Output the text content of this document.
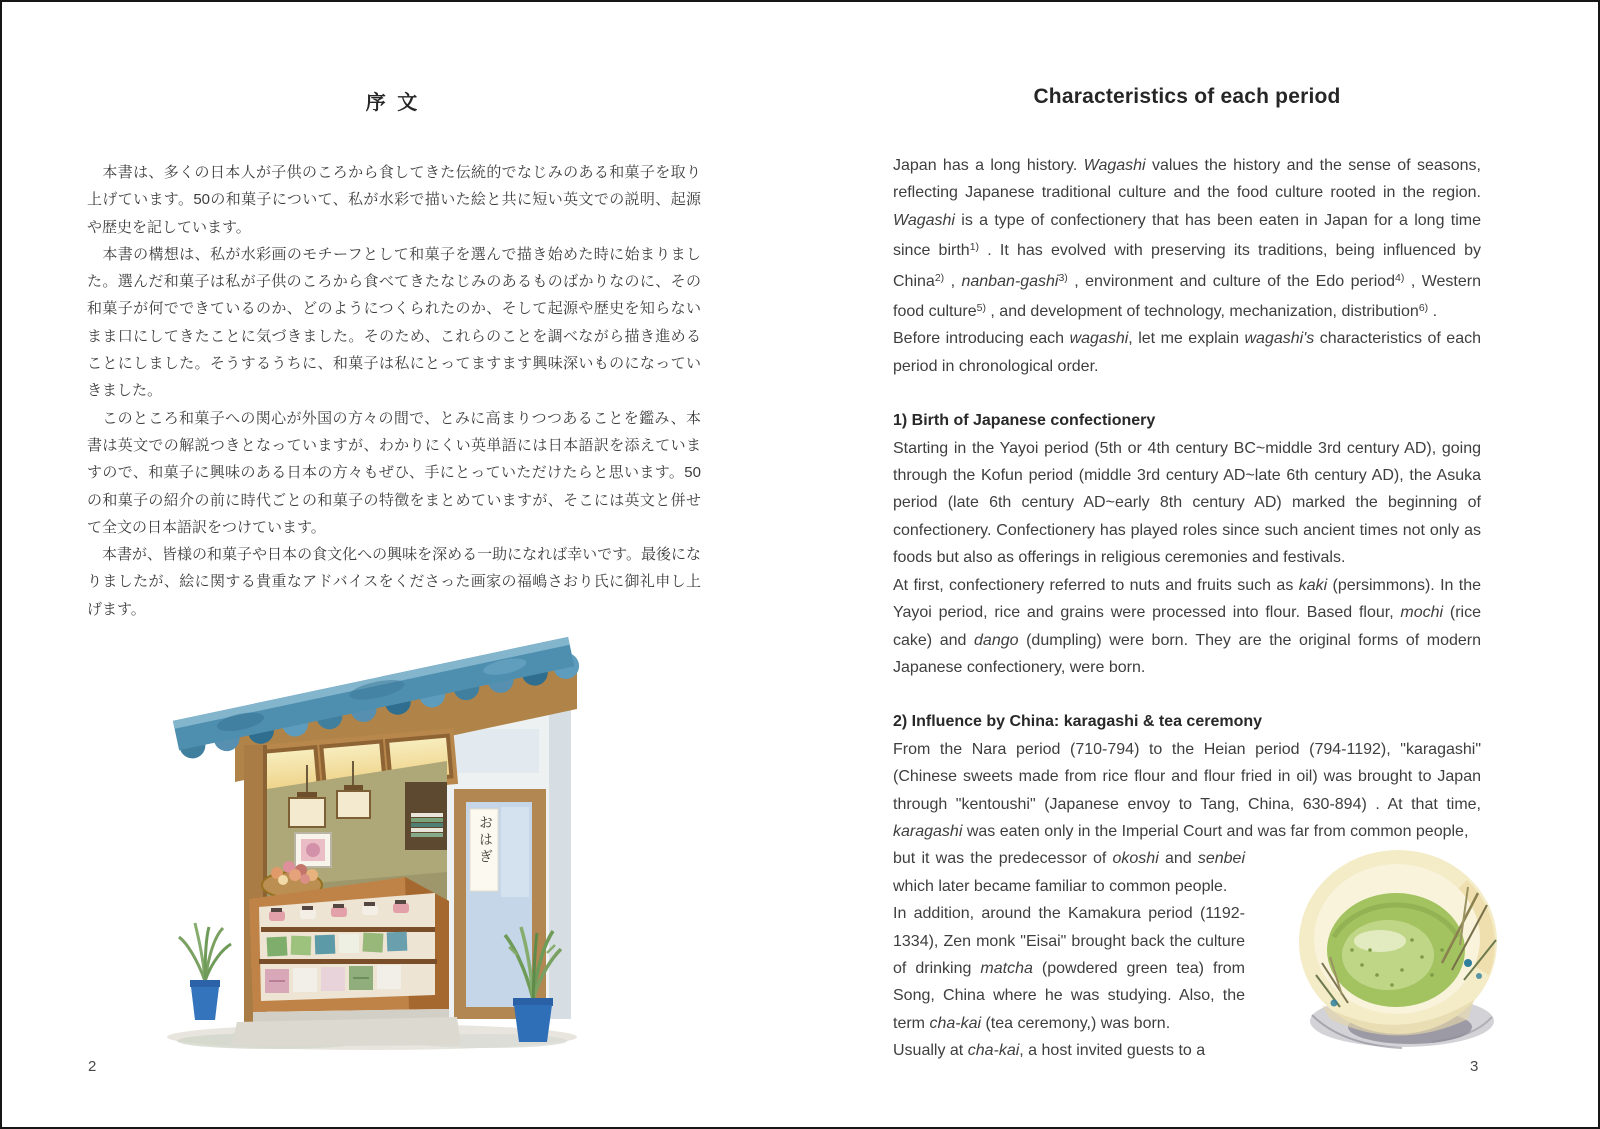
序 文

　本書は、多くの日本人が子供のころから食してきた伝統的でなじみのある和菓子を取り上げています。50の和菓子について、私が水彩で描いた絵と共に短い英文での説明、起源や歴史を記しています。

　本書の構想は、私が水彩画のモチーフとして和菓子を選んで描き始めた時に始まりました。選んだ和菓子は私が子供のころから食べてきたなじみのあるものばかりなのに、その和菓子が何でできているのか、どのようにつくられたのか、そして起源や歴史を知らないまま口にしてきたことに気づきました。そのため、これらのことを調べながら描き進めることにしました。そうするうちに、和菓子は私にとってますます興味深いものになっていきました。

　このところ和菓子への関心が外国の方々の間で、とみに高まりつつあることを鑑み、本書は英文での解説つきとなっていますが、わかりにくい英単語には日本語訳を添えていますので、和菓子に興味のある日本の方々もぜひ、手にとっていただけたらと思います。50の和菓子の紹介の前に時代ごとの和菓子の特徴をまとめていますが、そこには英文と併せて全文の日本語訳をつけています。

　本書が、皆様の和菓子や日本の食文化への興味を深める一助になれば幸いです。最後になりましたが、絵に関する貴重なアドバイスをくださった画家の福嶋さおり氏に御礼申し上げます。

おはぎ
2
Characteristics of each period

Japan has a long history. Wagashi values the history and the sense of seasons, reflecting Japanese traditional culture and the food culture rooted in the region. Wagashi is a type of confectionery that has been eaten in Japan for a long time since birth$^{1)}$ . It has evolved with preserving its traditions, being influenced by China$^{2)}$ , nanban-gashi$^{3)}$ , environment and culture of the Edo period$^{4)}$ , Western food culture$^{5)}$ , and development of technology, mechanization, distribution$^{6)}$ .

Before introducing each wagashi, let me explain wagashi's characteristics of each period in chronological order.

1) Birth of Japanese confectionery

Starting in the Yayoi period (5th or 4th century BC~middle 3rd century AD), going through the Kofun period (middle 3rd century AD~late 6th century AD), the Asuka period (late 6th century AD~early 8th century AD) marked the beginning of confectionery. Confectionery has played roles since such ancient times not only as foods but also as offerings in religious ceremonies and festivals.

At first, confectionery referred to nuts and fruits such as kaki (persimmons). In the Yayoi period, rice and grains were processed into flour. Based flour, mochi (rice cake) and dango (dumpling) were born. They are the original forms of modern Japanese confectionery, were born.

2) Influence by China: karagashi & tea ceremony

From the Nara period (710-794) to the Heian period (794-1192), "karagashi" (Chinese sweets made from rice flour and flour fried in oil) was brought to Japan through "kentoushi" (Japanese envoy to Tang, China, 630-894) . At that time, karagashi was eaten only in the Imperial Court and was far from common people,

but it was the predecessor of okoshi and senbei which later became familiar to common people.
In addition, around the Kamakura period (1192-1334), Zen monk "Eisai" brought back the culture of drinking matcha (powdered green tea) from Song, China where he was studying. Also, the term cha-kai (tea ceremony,) was born.
Usually at cha-kai, a host invited guests to a
3
